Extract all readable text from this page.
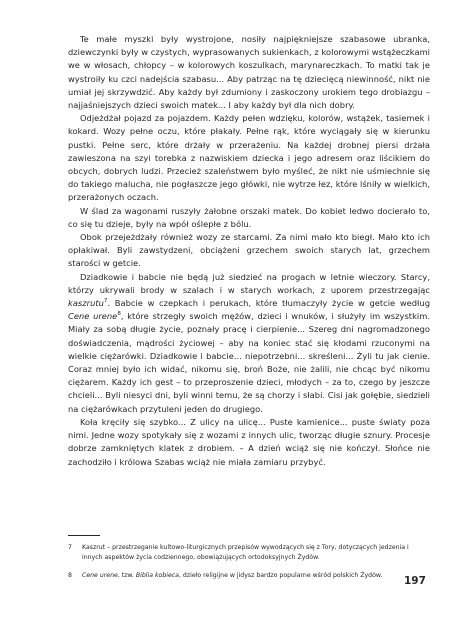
Te małe myszki były wystrojone, nosiły najpiękniejsze szabasowe ubranka, dziewczynki były w czystych, wyprasowanych sukienkach, z kolorowymi wstążeczkami we w włosach, chłopcy – w kolorowych koszulkach, marynareczkach. To matki tak je wystroiły ku czci nadejścia szabasu... Aby patrząc na tę dziecięcą niewinność, nikt nie umiał jej skrzywdzić. Aby każdy był zdumiony i zaskoczony urokiem tego drobiazgu – najjaśniejszych dzieci swoich matek... I aby każdy był dla nich dobry.

Odjeżdżał pojazd za pojazdem. Każdy pełen wdzięku, kolorów, wstążek, tasiemek i kokard. Wozy pełne oczu, które płakały. Pełne rąk, które wyciągały się w kierunku pustki. Pełne serc, które drżały w przerażeniu. Na każdej drobnej piersi drżała zawieszona na szyi torebka z nazwiskiem dziecka i jego adresem oraz liścikiem do obcych, dobrych ludzi. Przecież szaleństwem było myśleć, że nikt nie uśmiechnie się do takiego malucha, nie pogłaszcze jego główki, nie wytrze łez, które lśniły w wielkich, przerażonych oczach.

W ślad za wagonami ruszyły żałobne orszaki matek. Do kobiet ledwo docierało to, co się tu dzieje, były na wpół oślepłe z bólu.

Obok przejeżdżały również wozy ze starcami. Za nimi mało kto biegł. Mało kto ich opłakiwał. Byli zawstydzeni, obciążeni grzechem swoich starych lat, grzechem starości w getcie.

Dziadkowie i babcie nie będą już siedzieć na progach w letnie wieczory. Starcy, którzy ukrywali brody w szalach i w starych workach, z uporem przestrzegając kaszrutu$^7$. Babcie w czepkach i perukach, które tłumaczyły życie w getcie według Cene urene$^8$, które strzegły swoich mężów, dzieci i wnuków, i służyły im wszystkim. Miały za sobą długie życie, poznały pracę i cierpienie... Szereg dni nagromadzonego doświadczenia, mądrości życiowej – aby na koniec stać się kłodami rzuconymi na wielkie ciężarówki. Dziadkowie i babcie... niepotrzebni... skreśleni... Żyli tu jak cienie. Coraz mniej było ich widać, nikomu się, broń Boże, nie żalili, nie chcąc być nikomu ciężarem. Każdy ich gest – to przeproszenie dzieci, młodych – za to, czego by jeszcze chcieli... Byli niesyci dni, byli winni temu, że są chorzy i słabi. Cisi jak gołębie, siedzieli na ciężarówkach przytuleni jeden do drugiego.

Koła kręciły się szybko... Z ulicy na ulicę... Puste kamienice... puste światy poza nimi. Jedne wozy spotykały się z wozami z innych ulic, tworząc długie sznury. Procesje dobrze zamkniętych klatek z drobiem. – A dzień wciąż się nie kończył. Słońce nie zachodziło i królowa Szabas wciąż nie miała zamiaru przybyć.

7	Kaszrut – przestrzeganie kultowo-liturgicznych przepisów wywodzących się z Tory, dotyczących jedzenia i innych aspektów życia codziennego, obowiązujących ortodoksyjnych Żydów.
8	Cene urene, tzw. Biblia kobieca, dzieło religijne w jidysz bardzo popularne wśród polskich Żydów.	197
